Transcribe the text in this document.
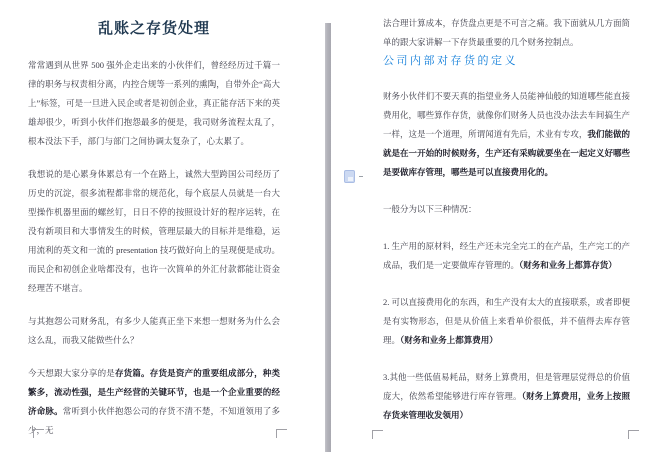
乱账之存货处理

常常遇到从世界 500 强外企走出来的小伙伴们，曾经经历过千篇一律的职务与权责相分离，内控合规等一系列的熏陶，自带外企“高大上”标签，可是一旦进入民企或者是初创企业，真正能存活下来的英雄却很少，听到小伙伴们抱怨最多的便是，我司财务流程太乱了，根本没法下手，部门与部门之间协调太复杂了，心太累了。

我想说的是心累身体累总有一个在路上，诚然大型跨国公司经历了历史的沉淀，很多流程都非常的规范化，每个底层人员就是一台大型操作机器里面的螺丝钉，日日不停的按照设计好的程序运转，在没有新项目和大事情发生的时候，管理层最大的目标并是维稳，运用流利的英文和一流的 presentation 技巧做好向上的呈现便是成功。而民企和初创企业啥都没有，也许一次简单的外汇付款都能让资金经理苦不堪言。

与其抱怨公司财务乱，有多少人能真正坐下来想一想财务为什么会这么乱，而我又能做些什么？

今天想跟大家分享的是存货篇。存货是资产的重要组成部分，种类繁多，流动性强，是生产经营的关键环节，也是一个企业重要的经济命脉。常听到小伙伴抱怨公司的存货不清不楚，不知道领用了多少，无

法合理计算成本，存货盘点更是不可言之痛。我下面就从几方面简单的跟大家讲解一下存货最重要的几个财务控制点。

公司内部对存货的定义

财务小伙伴们不要天真的指望业务人员能神仙般的知道哪些能直接费用化，哪些算作存货，就像你们财务人员也没办法去车间搞生产一样，这是一个道理，所谓闻道有先后，术业有专攻，我们能做的就是在一开始的时候财务，生产还有采购就要坐在一起定义好哪些是要做库存管理，哪些是可以直接费用化的。

一般分为以下三种情况：

1. 生产用的原材料，经生产还未完全完工的在产品，生产完工的产成品，我们是一定要做库存管理的。（财务和业务上都算存货）

2. 可以直接费用化的东西，和生产没有太大的直接联系，或者即便是有实物形态，但是从价值上来看单价很低，并不值得去库存管理。（财务和业务上都算费用）

3.其他一些低值易耗品，财务上算费用，但是管理层觉得总的价值庞大，依然希望能够进行库存管理。（财务上算费用，业务上按照存货来管理收发领用）
